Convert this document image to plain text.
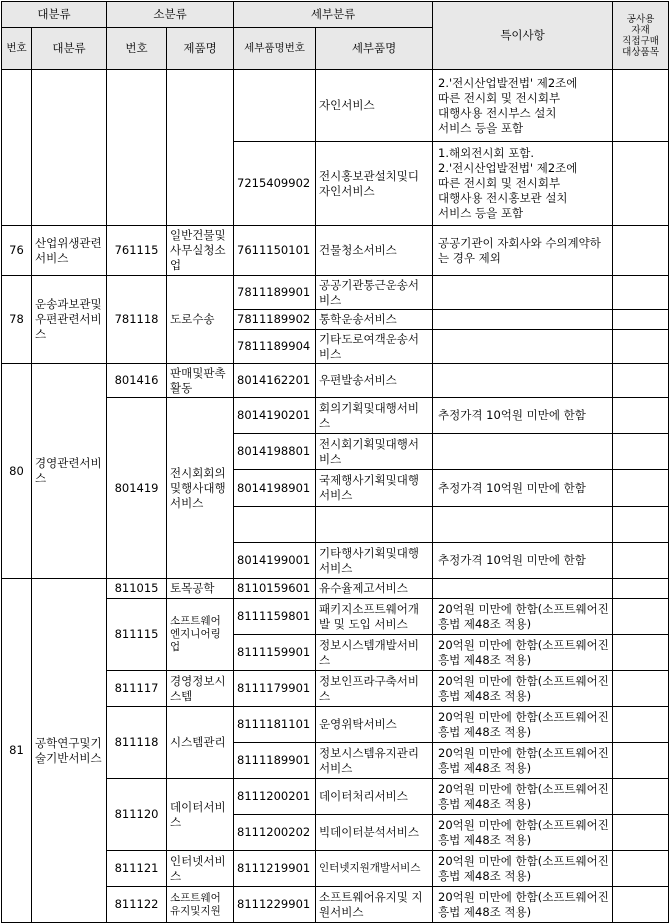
대분류		소분류		세부분류		특이사항	공사용
자재
직접구매
대상품목
번호	대분류	번호	제품명	세부품명번호	세부품명		
					자인서비스	2.'전시산업발전법' 제2조에
따른 전시회 및 전시회부
대행사용 전시부스 설치
서비스 등을 포함	
				7215409902	전시홍보관설치및디자인서비스	1.해외전시회 포함.
2.'전시산업발전법' 제2조에
따른 전시회 및 전시회부
대행사용 전시홍보관 설치
서비스 등을 포함	
76	산업위생관련서비스	761115	일반건물및사무실청소업	7611150101	건물청소서비스	공공기관이 자회사와 수의계약하는 경우 제외	
78	운송과보관및우편관련서비스	781118	도로수송	7811189901	공공기관통근운송서비스		
				7811189902	통학운송서비스		
				7811189904	기타도로여객운송서비스		
80	경영관련서비스	801416	판매및판촉활동	8014162201	우편발송서비스		
		801419	전시회회의및행사대행서비스	8014190201	회의기획및대행서비스	추정가격 10억원 미만에 한함	
				8014198801	전시회기획및대행서비스		
				8014198901	국제행사기획및대행서비스	추정가격 10억원 미만에 한함	

				8014199001	기타행사기획및대행서비스	추정가격 10억원 미만에 한함	
81	공학연구및기술기반서비스	811015	토목공학	8110159601	유수율제고서비스		
		811115	소프트웨어엔지니어링업	8111159801	패키지소프트웨어개발 및 도입 서비스	20억원 미만에 한함(소프트웨어진흥법 제48조 적용)	
				8111159901	정보시스템개발서비스	20억원 미만에 한함(소프트웨어진흥법 제48조 적용)	
		811117	경영정보시스템	8111179901	정보인프라구축서비스	20억원 미만에 한함(소프트웨어진흥법 제48조 적용)	
		811118	시스템관리	8111181101	운영위탁서비스	20억원 미만에 한함(소프트웨어진흥법 제48조 적용)	
				8111189901	정보시스템유지관리서비스	20억원 미만에 한함(소프트웨어진흥법 제48조 적용)	
		811120	데이터서비스	8111200201	데이터처리서비스	20억원 미만에 한함(소프트웨어진흥법 제48조 적용)	
				8111200202	빅데이터분석서비스	20억원 미만에 한함(소프트웨어진흥법 제48조 적용)	
		811121	인터넷서비스	8111219901	인터넷지원개발서비스	20억원 미만에 한함(소프트웨어진흥법 제48조 적용)	
		811122	소프트웨어유지및지원	8111229901	소프트웨어유지및 지원서비스	20억원 미만에 한함(소프트웨어진흥법 제48조 적용)	
